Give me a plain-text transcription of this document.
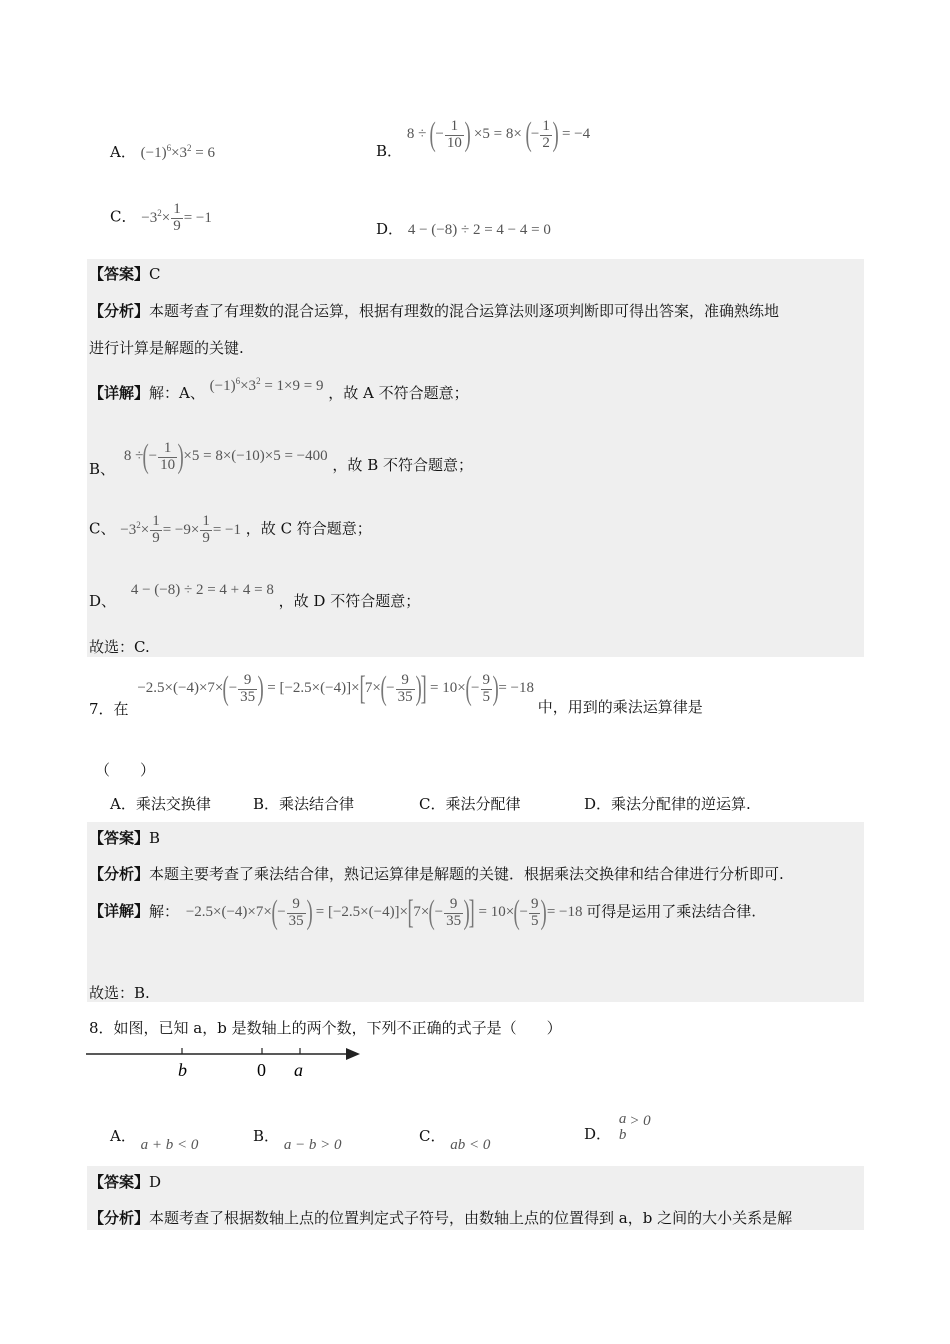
A． $(-1)^6\times 3^2 = 6$	B． 8 ÷ (− $\frac{1}{10}$ ) ×5 = 8× (− $\frac{1}{2}$ ) = −4
C． $-3^2\times \frac{1}{9} = -1$
D． 4 − (−8) ÷ 2 = 4 − 4 = 0
【答案】C
【分析】本题考查了有理数的混合运算，根据有理数的混合运算法则逐项判断即可得出答案，准确熟练地
进行计算是解题的关键.
【详解】解：A、 $(-1)^6\times 3^2 = 1\times 9 = 9$ ，故 A 不符合题意；
B、 8 ÷(− $\frac{1}{10} )\times 5 = 8\times(-10)\times 5 = -400$ ，故 B 不符合题意；
C、 $-3^2\times \frac{1}{9} = -9\times \frac{1}{9} = -1$ ，故 C 符合题意；
D、 4 − (−8) ÷ 2 = 4 + 4 = 8 ，故 D 不符合题意；
故选：C.
7．在 $-2.5\times(-4)\times 7\times(- \frac{9}{35}$ ) = $[-2.5\times(-4)]\times[7\times(- \frac{9}{35}$ )] = $10\times(- \frac{9}{5}$ )= −18 中，用到的乘法运算律是
（　　）
A．乘法交换律	B．乘法结合律	C．乘法分配律	D．乘法分配律的逆运算.
【答案】B
【分析】本题主要考查了乘法结合律，熟记运算律是解题的关键．根据乘法交换律和结合律进行分析即可.
【详解】解： $-2.5\times(-4)\times 7\times(- \frac{9}{35}$ ) = $[-2.5\times(-4)]\times[7\times(- \frac{9}{35}$ )] = $10\times(- \frac{9}{5}$ )= −18 可得是运用了乘法结合律.
故选：B.
8．如图，已知 a，b 是数轴上的两个数，下列不正确的式子是（　　）
b	0 a
A． a + b < 0	B． a − b > 0	C． ab < 0
D．
a
b
> 0
【答案】D
【分析】本题考查了根据数轴上点的位置判定式子符号，由数轴上点的位置得到 a，b 之间的大小关系是解
